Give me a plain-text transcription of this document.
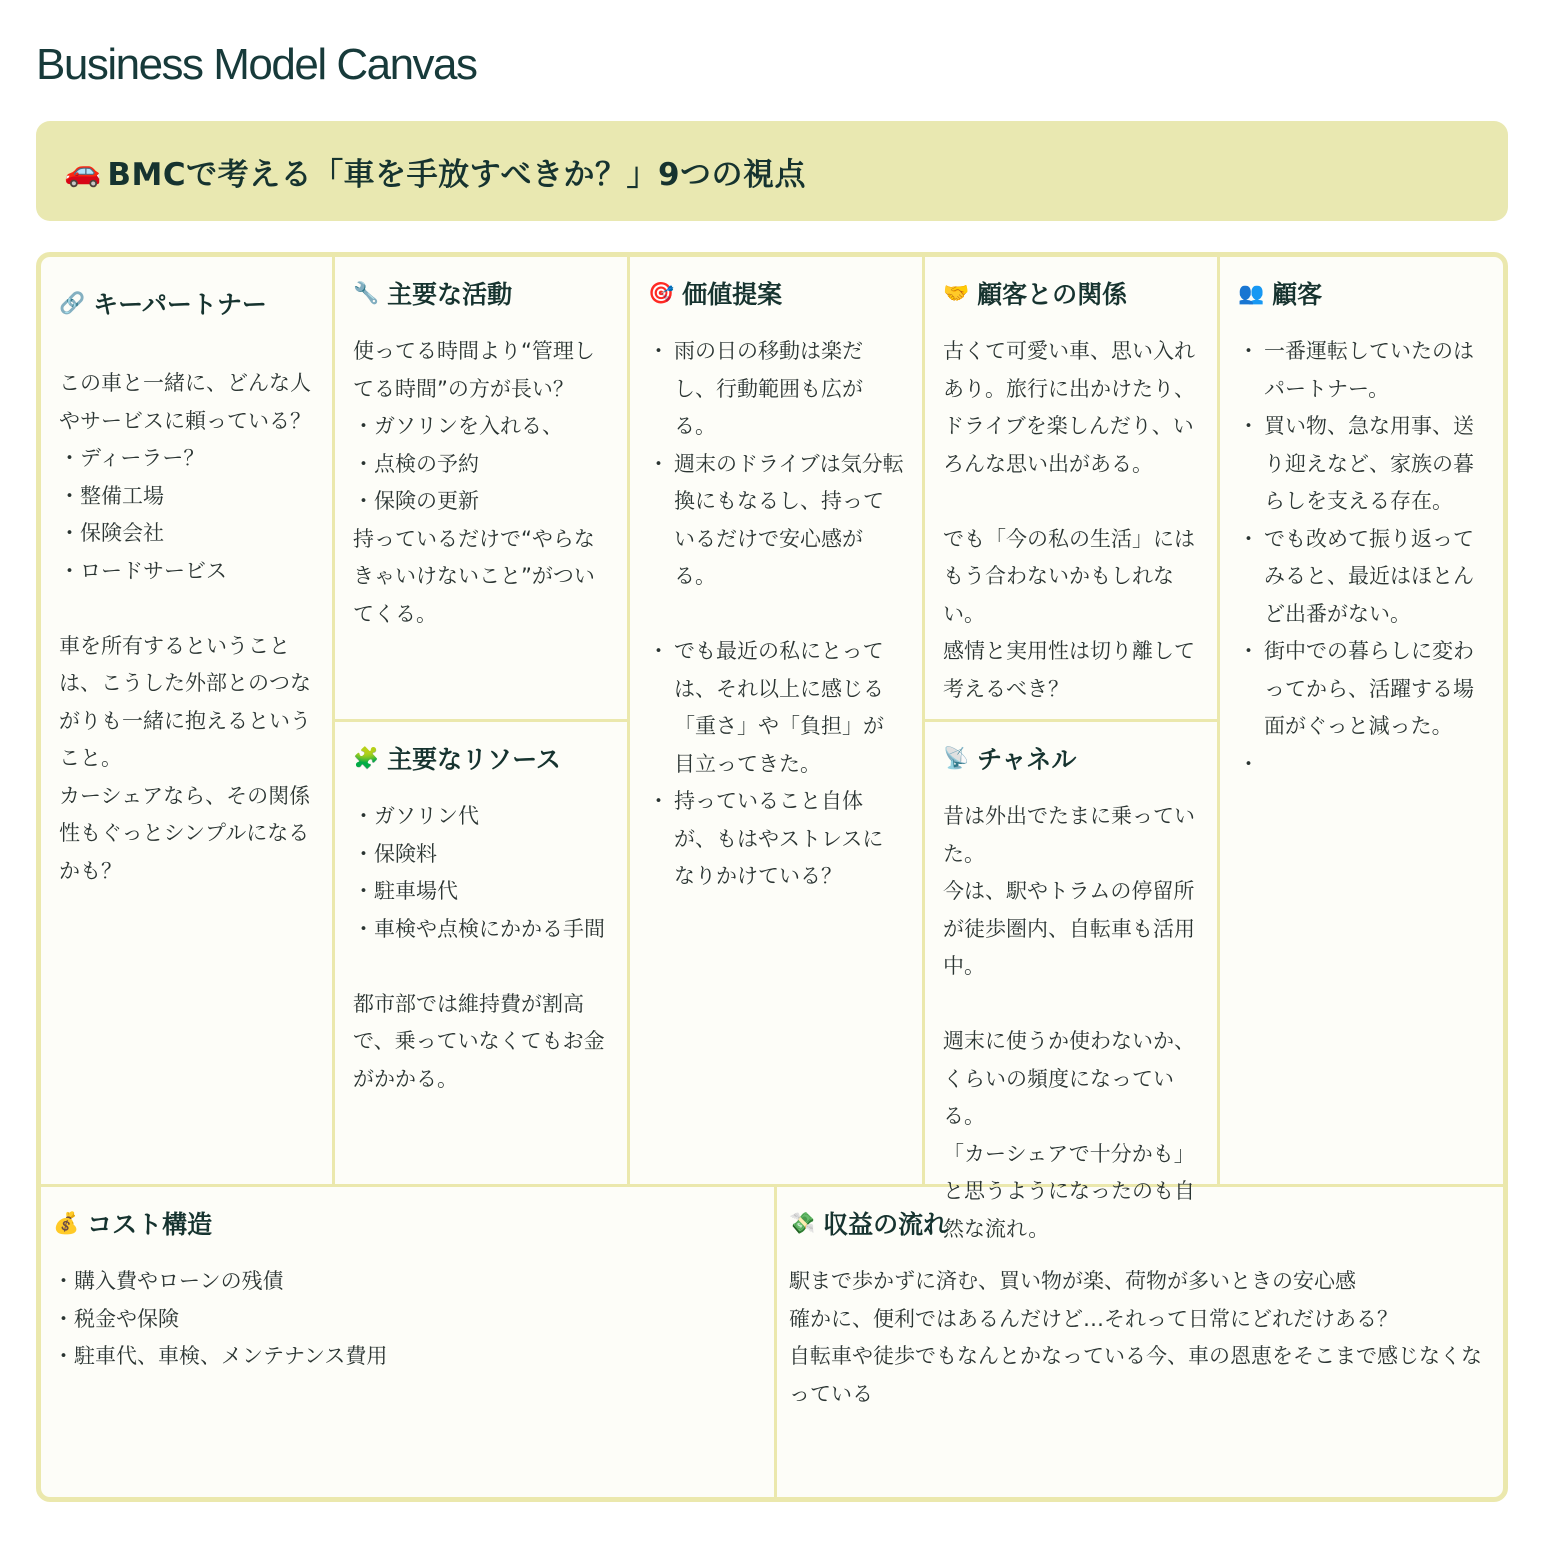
Business Model Canvas
🚗 BMCで考える「車を手放すべきか？」9つの視点
🔗 キーパートナー

この車と一緒に、どんな人やサービスに頼っている？

・ディーラー？

・整備工場

・保険会社

・ロードサービス

車を所有するということは、こうした外部とのつながりも一緒に抱えるということ。

カーシェアなら、その関係性もぐっとシンプルになるかも？

🔧 主要な活動

使ってる時間より“管理してる時間”の方が長い？

・ガソリンを入れる、

・点検の予約

・保険の更新

持っているだけで“やらなきゃいけないこと”がついてくる。

🧩 主要なリソース

・ガソリン代

・保険料

・駐車場代

・車検や点検にかかる手間

都市部では維持費が割高で、乗っていなくてもお金がかかる。

🎯 価値提案

・ 雨の日の移動は楽だし、行動範囲も広がる。

・ 週末のドライブは気分転換にもなるし、持っているだけで安心感がる。

・ でも最近の私にとっては、それ以上に感じる「重さ」や「負担」が目立ってきた。

・ 持っていること自体が、もはやストレスになりかけている？

🤝 顧客との関係

古くて可愛い車、思い入れあり。旅行に出かけたり、ドライブを楽しんだり、いろんな思い出がある。

でも「今の私の生活」にはもう合わないかもしれない。

感情と実用性は切り離して考えるべき？

📡 チャネル

昔は外出でたまに乗っていた。

今は、駅やトラムの停留所が徒歩圏内、自転車も活用中。

週末に使うか使わないか、くらいの頻度になっている。

「カーシェアで十分かも」と思うようになったのも自然な流れ。

👥 顧客

・ 一番運転していたのはパートナー。

・ 買い物、急な用事、送り迎えなど、家族の暮らしを支える存在。

・ でも改めて振り返ってみると、最近はほとんど出番がない。

・ 街中での暮らしに変わってから、活躍する場面がぐっと減った。

💰 コスト構造

・購入費やローンの残債

・税金や保険

・駐車代、車検、メンテナンス費用

💸 収益の流れ

駅まで歩かずに済む、買い物が楽、荷物が多いときの安心感

確かに、便利ではあるんだけど…それって日常にどれだけある？

自転車や徒歩でもなんとかなっている今、車の恩恵をそこまで感じなくなっている
